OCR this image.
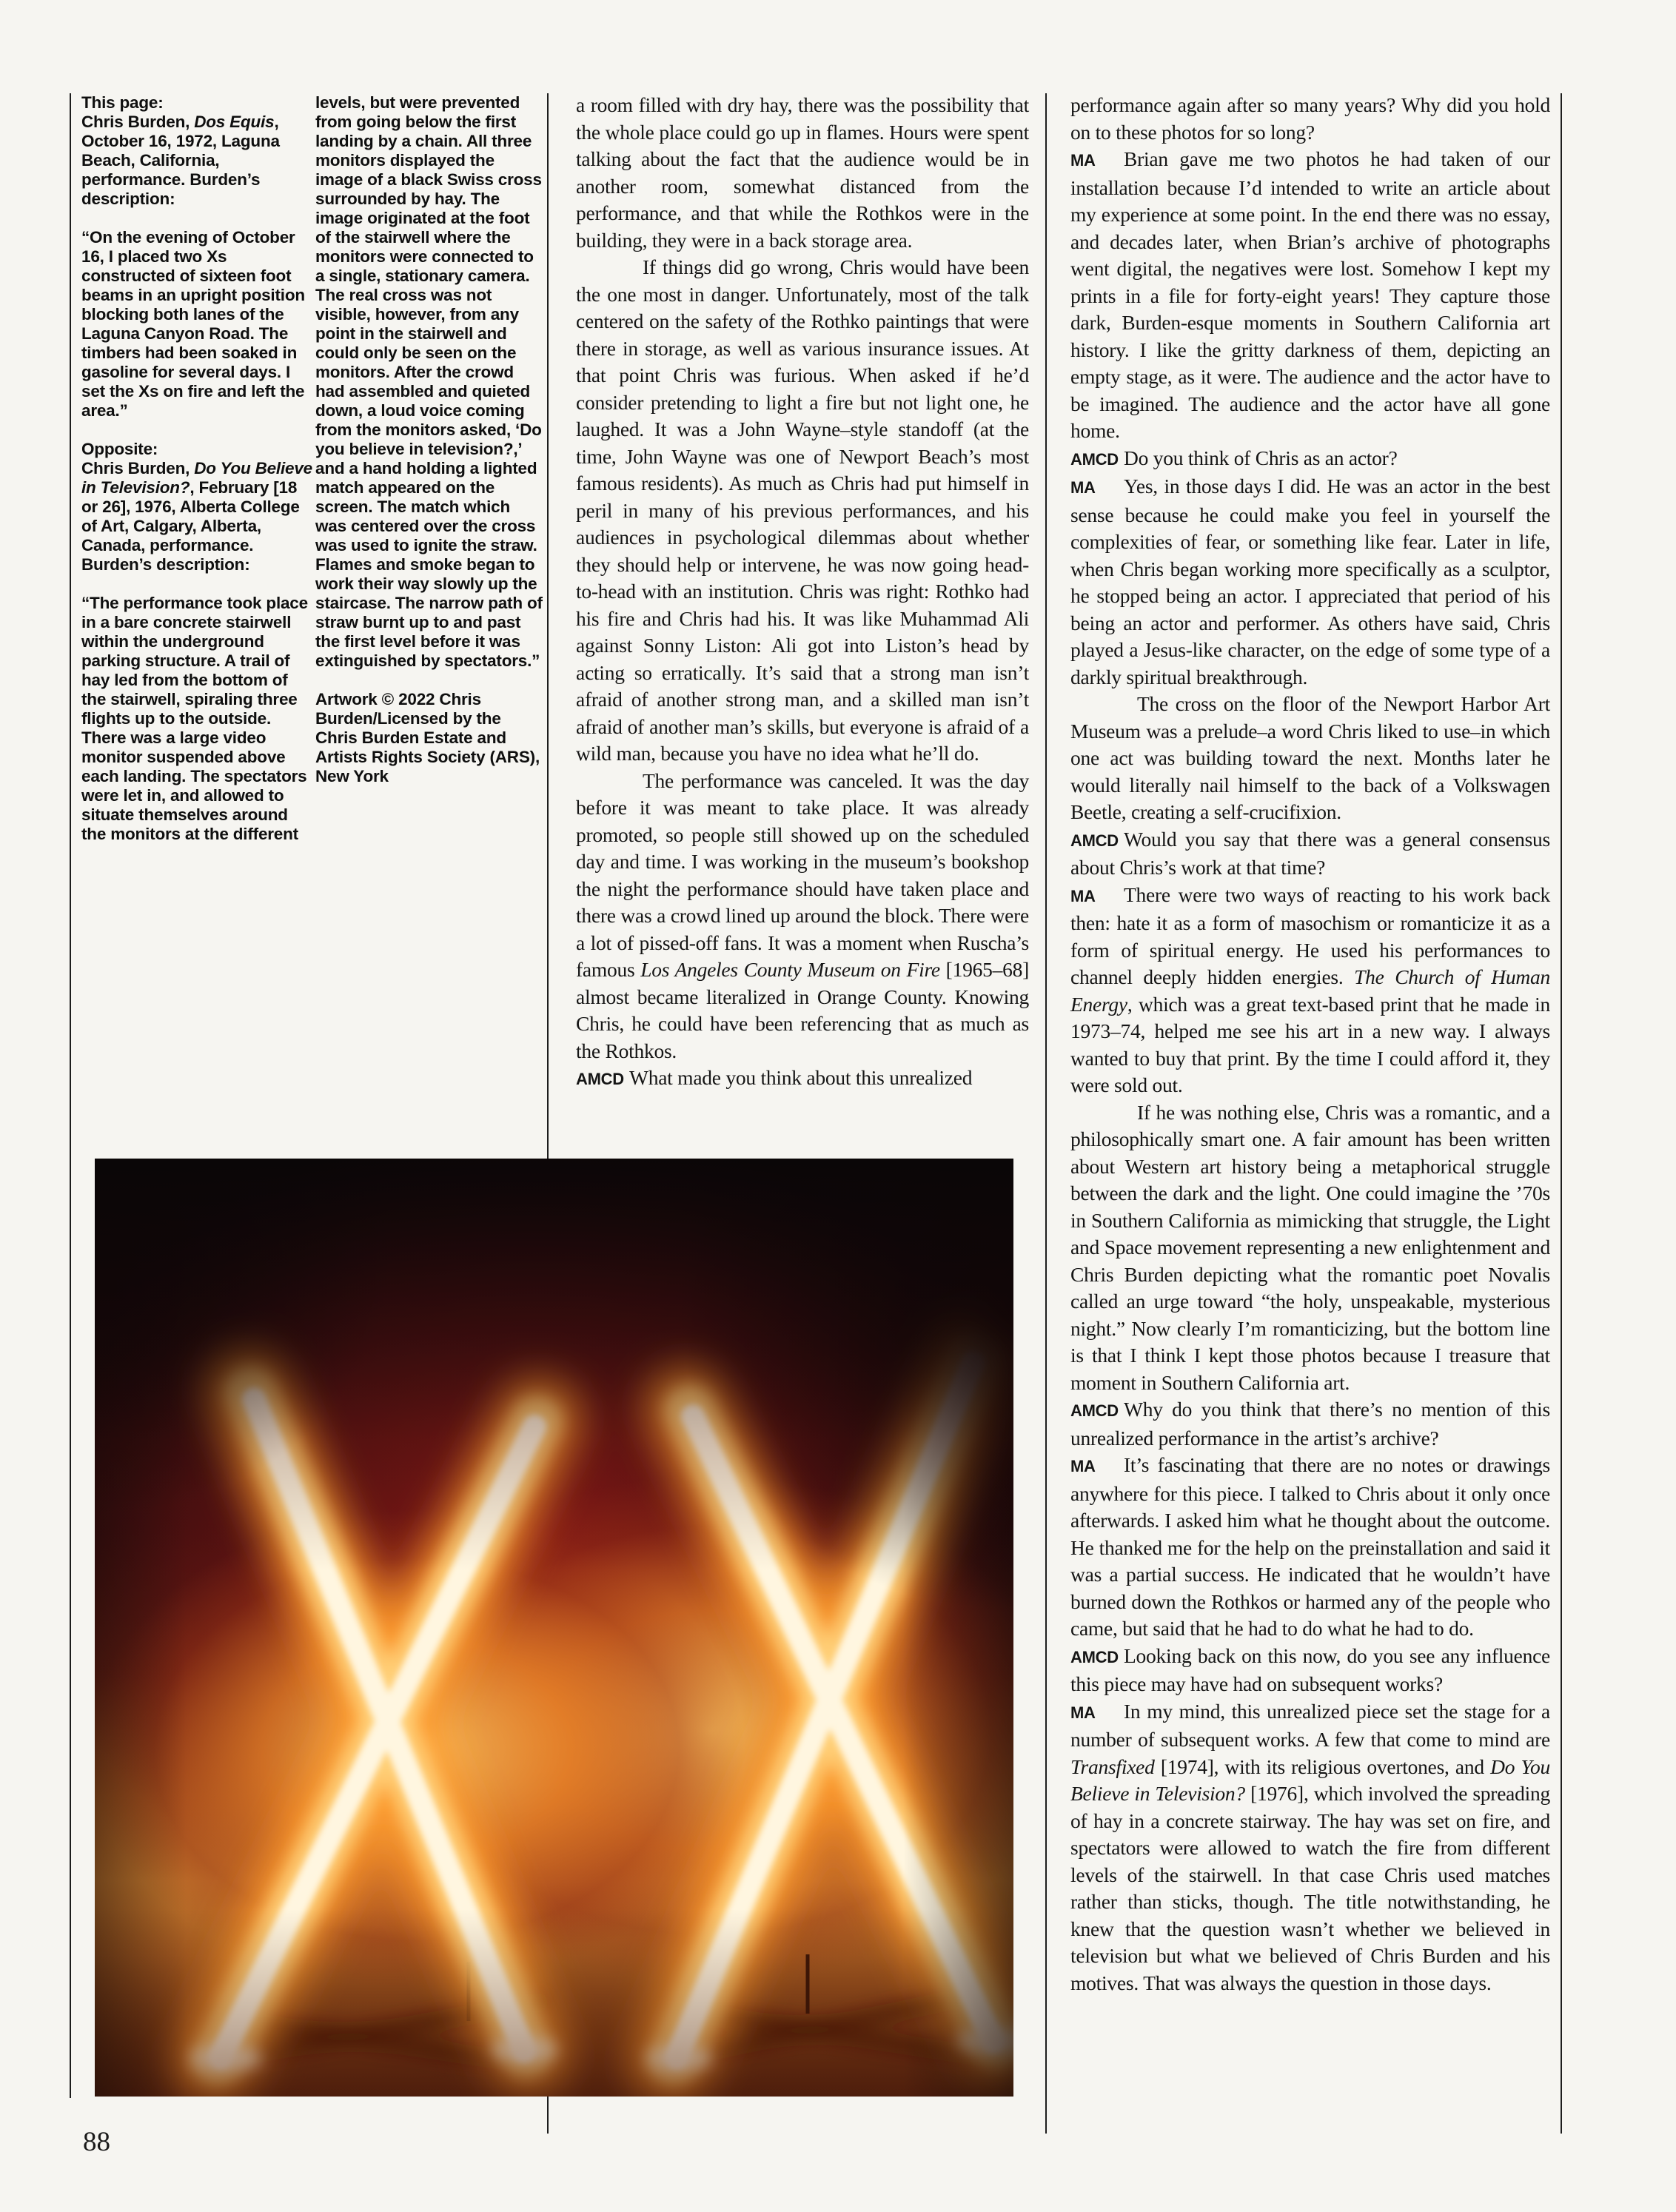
This page:
Chris Burden, Dos Equis, October 16, 1972, Laguna Beach, California, performance. Burden’s description:

“On the evening of October 16, I placed two Xs constructed of sixteen foot beams in an upright position blocking both lanes of the Laguna Canyon Road. The timbers had been soaked in gasoline for several days. I set the Xs on fire and left the area.”

Opposite:
Chris Burden, Do You Believe in Television?, February [18 or 26], 1976, Alberta College of Art, Calgary, Alberta, Canada, performance. Burden’s description:

“The performance took place in a bare concrete stairwell within the underground parking structure. A trail of hay led from the bottom of the stairwell, spiraling three flights up to the outside. There was a large video monitor suspended above each landing. The spectators were let in, and allowed to situate themselves around the monitors at the different

levels, but were prevented from going below the first landing by a chain. All three monitors displayed the image of a black Swiss cross surrounded by hay. The image originated at the foot of the stairwell where the monitors were connected to a single, stationary camera.
The real cross was not visible, however, from any point in the stairwell and could only be seen on the monitors. After the crowd had assembled and quieted down, a loud voice coming from the monitors asked, ‘Do you believe in television?,’ and a hand holding a lighted match appeared on the screen. The match which was centered over the cross was used to ignite the straw. Flames and smoke began to work their way slowly up the staircase. The narrow path of straw burnt up to and past the first level before it was extinguished by spectators.”

Artwork © 2022 Chris Burden/Licensed by the Chris Burden Estate and Artists Rights Society (ARS), New York

a room filled with dry hay, there was the possibility that the whole place could go up in flames. Hours were spent talking about the fact that the audience would be in another room, somewhat distanced from the performance, and that while the Rothkos were in the building, they were in a back storage area.

If things did go wrong, Chris would have been the one most in danger. Unfortunately, most of the talk centered on the safety of the Rothko paintings that were there in storage, as well as various insurance issues. At that point Chris was furious. When asked if he’d consider pretending to light a fire but not light one, he laughed. It was a John Wayne–style standoff (at the time, John Wayne was one of Newport Beach’s most famous residents). As much as Chris had put himself in peril in many of his previous performances, and his audiences in psychological dilemmas about whether they should help or intervene, he was now going head-to-head with an institution. Chris was right: Rothko had his fire and Chris had his. It was like Muhammad Ali against Sonny Liston: Ali got into Liston’s head by acting so erratically. It’s said that a strong man isn’t afraid of another strong man, and a skilled man isn’t afraid of another man’s skills, but everyone is afraid of a wild man, because you have no idea what he’ll do.

The performance was canceled. It was the day before it was meant to take place. It was already promoted, so people still showed up on the scheduled day and time. I was working in the museum’s bookshop the night the performance should have taken place and there was a crowd lined up around the block. There were a lot of pissed-off fans. It was a moment when Ruscha’s famous Los Angeles County Museum on Fire [1965–68] almost became literalized in Orange County. Knowing Chris, he could have been referencing that as much as the Rothkos.

AMCD What made you think about this unrealized

performance again after so many years? Why did you hold on to these photos for so long?

MA Brian gave me two photos he had taken of our installation because I’d intended to write an article about my experience at some point. In the end there was no essay, and decades later, when Brian’s archive of photographs went digital, the negatives were lost. Somehow I kept my prints in a file for forty-eight years! They capture those dark, Burden-esque moments in Southern California art history. I like the gritty darkness of them, depicting an empty stage, as it were. The audience and the actor have to be imagined. The audience and the actor have all gone home.

AMCD Do you think of Chris as an actor?

MA Yes, in those days I did. He was an actor in the best sense because he could make you feel in yourself the complexities of fear, or something like fear. Later in life, when Chris began working more specifically as a sculptor, he stopped being an actor. I appreciated that period of his being an actor and performer. As others have said, Chris played a Jesus-like character, on the edge of some type of a darkly spiritual breakthrough.

The cross on the floor of the Newport Harbor Art Museum was a prelude–a word Chris liked to use–in which one act was building toward the next. Months later he would literally nail himself to the back of a Volkswagen Beetle, creating a self-crucifixion.

AMCD Would you say that there was a general consensus about Chris’s work at that time?

MA There were two ways of reacting to his work back then: hate it as a form of masochism or romanticize it as a form of spiritual energy. He used his performances to channel deeply hidden energies. The Church of Human Energy, which was a great text-based print that he made in 1973–74, helped me see his art in a new way. I always wanted to buy that print. By the time I could afford it, they were sold out.

If he was nothing else, Chris was a romantic, and a philosophically smart one. A fair amount has been written about Western art history being a metaphorical struggle between the dark and the light. One could imagine the ’70s in Southern California as mimicking that struggle, the Light and Space movement representing a new enlightenment and Chris Burden depicting what the romantic poet Novalis called an urge toward “the holy, unspeakable, mysterious night.” Now clearly I’m romanticizing, but the bottom line is that I think I kept those photos because I treasure that moment in Southern California art.

AMCD Why do you think that there’s no mention of this unrealized performance in the artist’s archive?

MA It’s fascinating that there are no notes or drawings anywhere for this piece. I talked to Chris about it only once afterwards. I asked him what he thought about the outcome. He thanked me for the help on the preinstallation and said it was a partial success. He indicated that he wouldn’t have burned down the Rothkos or harmed any of the people who came, but said that he had to do what he had to do.

AMCD Looking back on this now, do you see any influence this piece may have had on subsequent works?

MA In my mind, this unrealized piece set the stage for a number of subsequent works. A few that come to mind are Transfixed [1974], with its religious overtones, and Do You Believe in Television? [1976], which involved the spreading of hay in a concrete stairway. The hay was set on fire, and spectators were allowed to watch the fire from different levels of the stairwell. In that case Chris used matches rather than sticks, though. The title notwithstanding, he knew that the question wasn’t whether we believed in television but what we believed of Chris Burden and his motives. That was always the question in those days.

88
